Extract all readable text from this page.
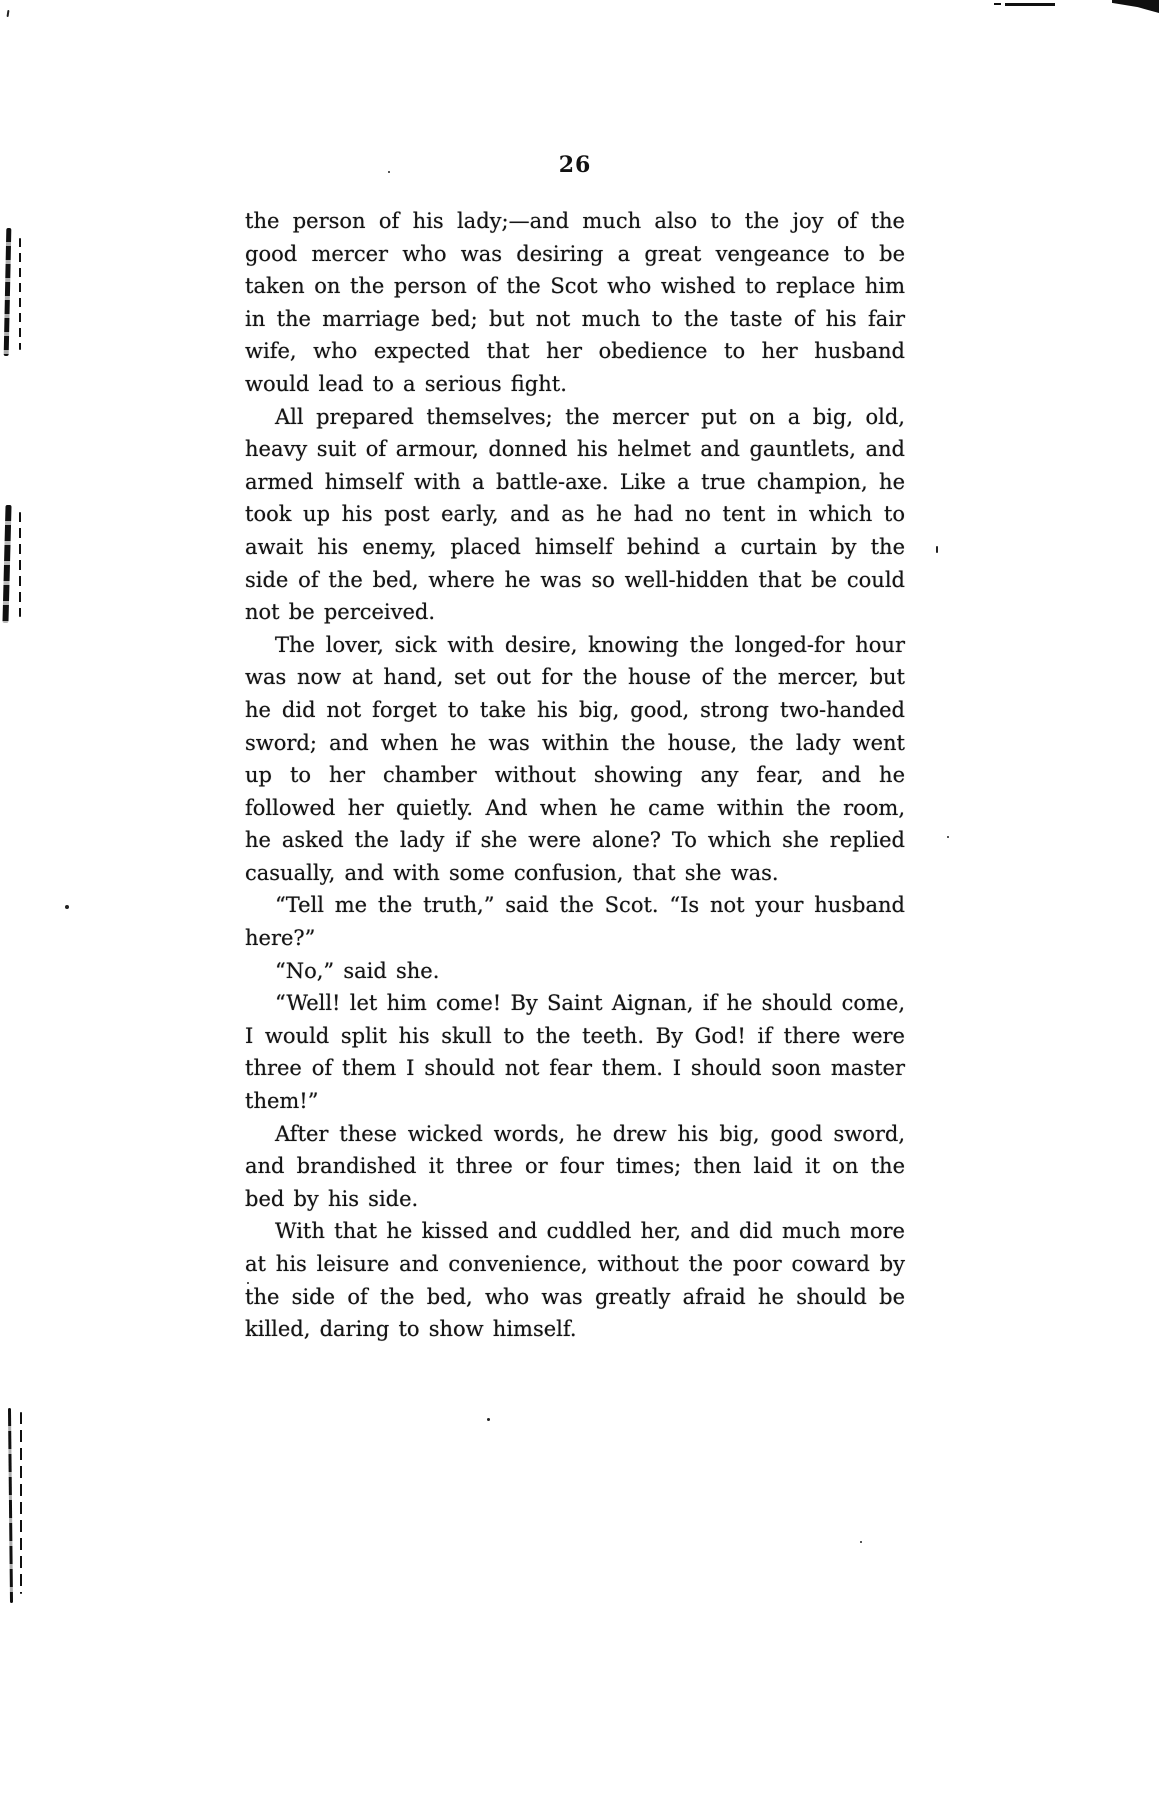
26

the person of his lady;—and much also to the joy of the good mercer who was desiring a great vengeance to be taken on the person of the Scot who wished to replace him in the marriage bed; but not much to the taste of his fair wife, who expected that her obedience to her husband would lead to a serious fight.

All prepared themselves; the mercer put on a big, old, heavy suit of armour, donned his helmet and gauntlets, and armed himself with a battle-axe. Like a true champion, he took up his post early, and as he had no tent in which to await his enemy, placed himself behind a curtain by the side of the bed, where he was so well-hidden that be could not be perceived.

The lover, sick with desire, knowing the longed-for hour was now at hand, set out for the house of the mercer, but he did not forget to take his big, good, strong two-handed sword; and when he was within the house, the lady went up to her chamber without showing any fear, and he followed her quietly. And when he came within the room, he asked the lady if she were alone? To which she replied casually, and with some confusion, that she was.

“Tell me the truth,” said the Scot. “Is not your husband here?”

“No,” said she.

“Well! let him come! By Saint Aignan, if he should come, I would split his skull to the teeth. By God! if there were three of them I should not fear them. I should soon master them!”

After these wicked words, he drew his big, good sword, and brandished it three or four times; then laid it on the bed by his side.

With that he kissed and cuddled her, and did much more at his leisure and convenience, without the poor coward by the side of the bed, who was greatly afraid he should be killed, daring to show himself.
